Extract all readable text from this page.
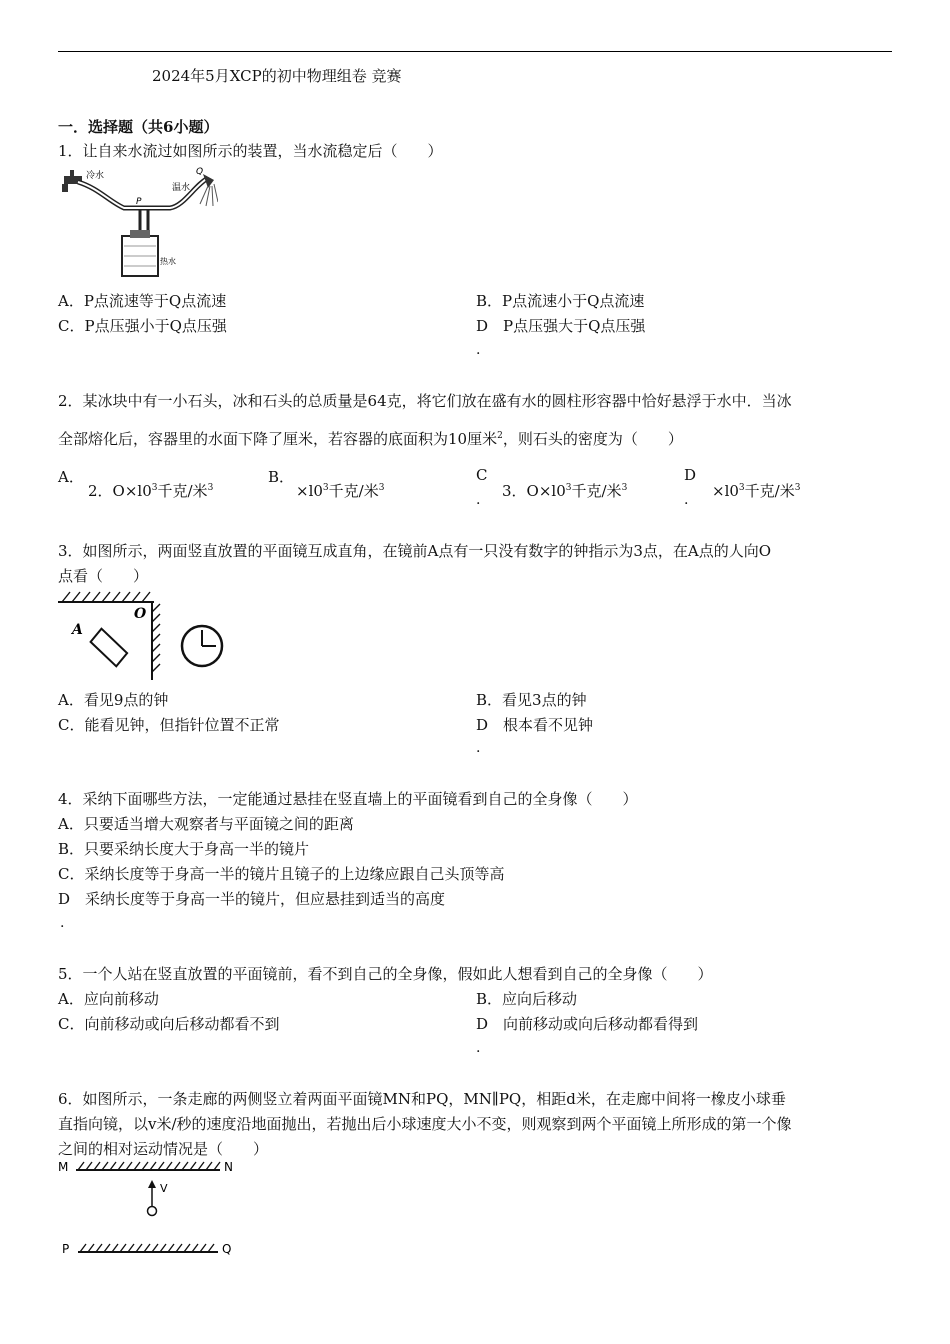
2024年5月XCP的初中物理组卷 竞赛
一．选择题（共6小题）
1．让自来水流过如图所示的装置，当水流稳定后（　　）
冷水
温水
P
Q
热水
A．P点流速等于Q点流速	B．P点流速小于Q点流速
C．P点压强小于Q点压强	D　P点压强大于Q点压强
.
2．某冰块中有一小石头，冰和石头的总质量是64克，将它们放在盛有水的圆柱形容器中恰好悬浮于水中．当冰
全部熔化后，容器里的水面下降了厘米，若容器的底面积为10厘米$^2$，则石头的密度为（　　）
A．
2．$O\times l0^3$千克/米$^3$
B．
$\times l0^3$千克/米$^3$
C
. 3．$O\times l0^3$千克/米$^3$
D
. $\times l0^3$千克/米$^3$
3．如图所示，两面竖直放置的平面镜互成直角，在镜前A点有一只没有数字的钟指示为3点，在A点的人向O
点看（　　）
A
O
A．看见9点的钟	B．看见3点的钟
C．能看见钟，但指针位置不正常	D　根本看不见钟
.
4．采纳下面哪些方法，一定能通过悬挂在竖直墙上的平面镜看到自己的全身像（　　）
A．只要适当增大观察者与平面镜之间的距离
B．只要采纳长度大于身高一半的镜片
C．采纳长度等于身高一半的镜片且镜子的上边缘应跟自己头顶等高
D　采纳长度等于身高一半的镜片，但应悬挂到适当的高度
.
5．一个人站在竖直放置的平面镜前，看不到自己的全身像，假如此人想看到自己的全身像（　　）
A．应向前移动	B．应向后移动
C．向前移动或向后移动都看不到	D　向前移动或向后移动都看得到
.
6．如图所示，一条走廊的两侧竖立着两面平面镜MN和PQ，MN∥PQ，相距d米，在走廊中间将一橡皮小球垂
直指向镜，以v米/秒的速度沿地面抛出，若抛出后小球速度大小不变，则观察到两个平面镜上所形成的第一个像
之间的相对运动情况是（　　）
M	N
V
P	Q
